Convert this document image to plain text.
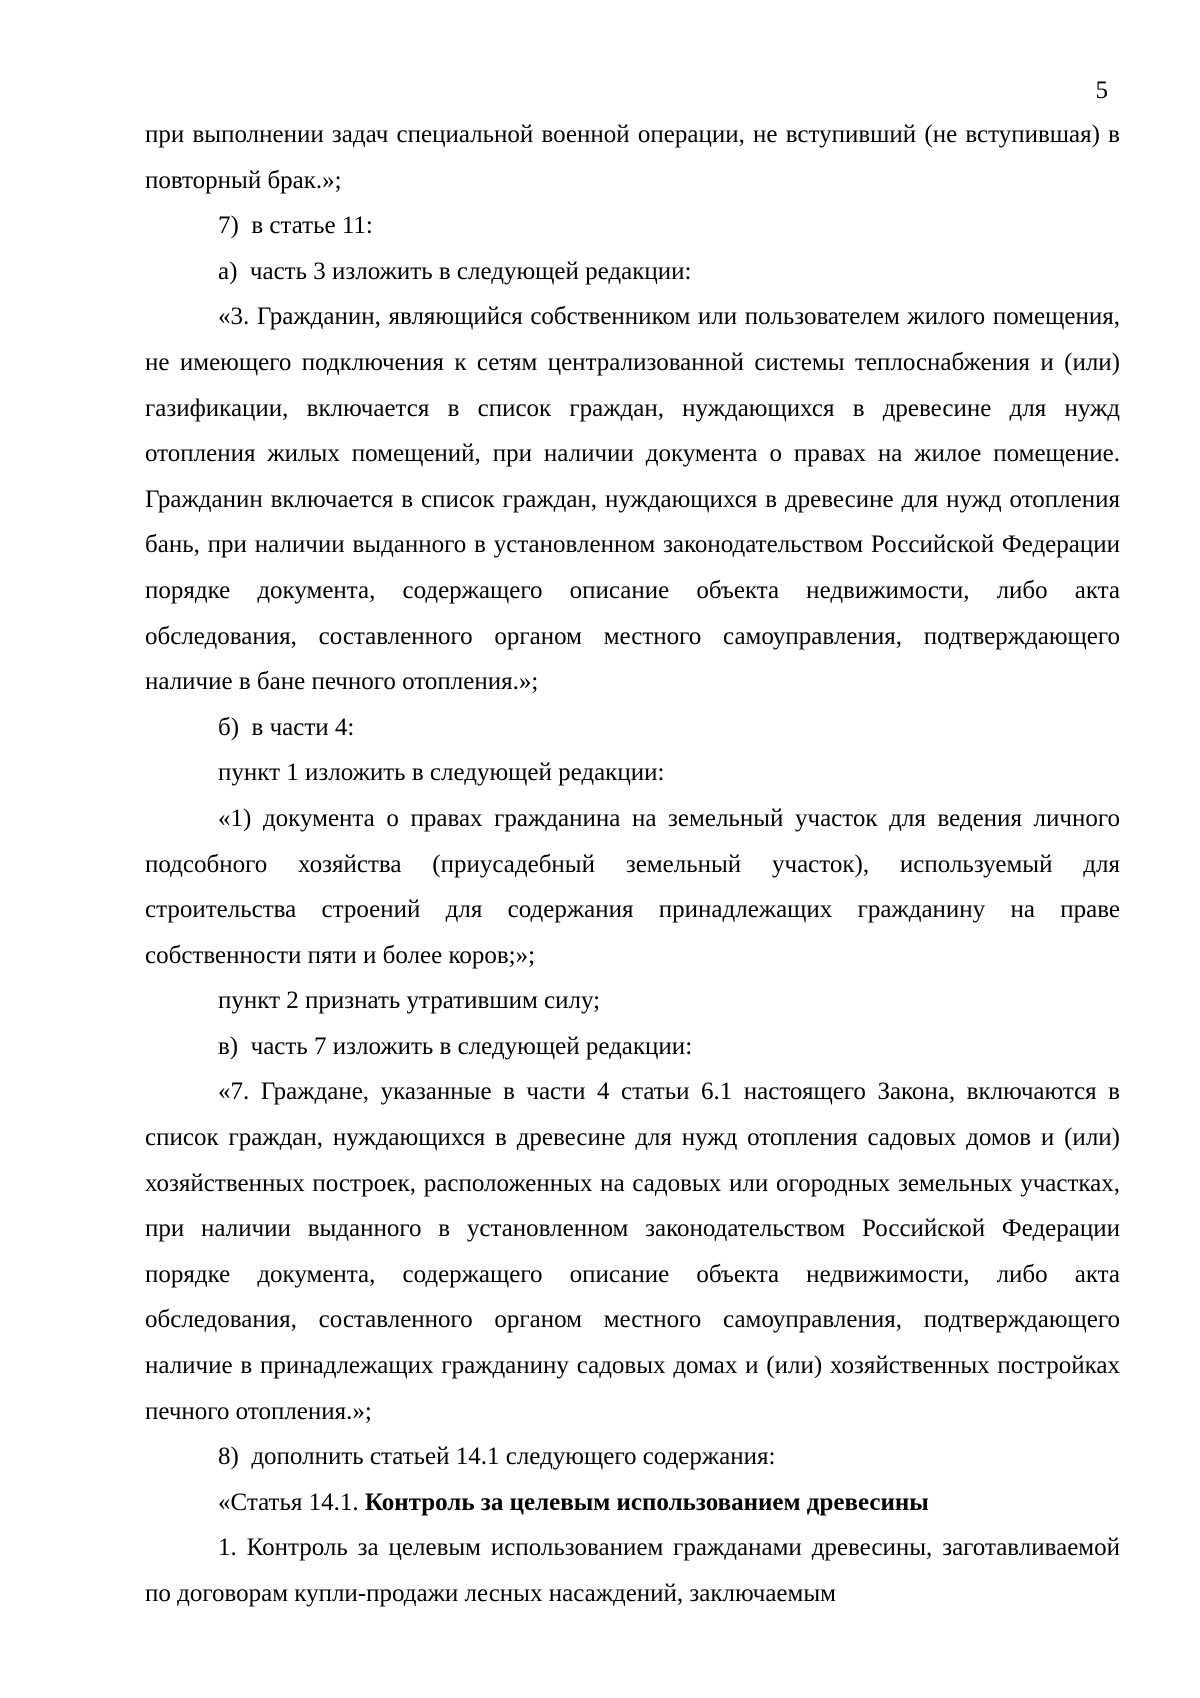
5

при выполнении задач специальной военной операции, не вступивший (не вступившая) в повторный брак.»;

7)  в статье 11:

а)  часть 3 изложить в следующей редакции:

«3. Гражданин, являющийся собственником или пользователем жилого помещения, не имеющего подключения к сетям централизованной системы теплоснабжения и (или) газификации, включается в список граждан, нуждающихся в древесине для нужд отопления жилых помещений, при наличии документа о правах на жилое помещение. Гражданин включается в список граждан, нуждающихся в древесине для нужд отопления бань, при наличии выданного в установленном законодательством Российской Федерации порядке документа, содержащего описание объекта недвижимости, либо акта обследования, составленного органом местного самоуправления, подтверждающего наличие в бане печного отопления.»;

б)  в части 4:

пункт 1 изложить в следующей редакции:

«1) документа о правах гражданина на земельный участок для ведения личного подсобного хозяйства (приусадебный земельный участок), используемый для строительства строений для содержания принадлежащих гражданину на праве собственности пяти и более коров;»;

пункт 2 признать утратившим силу;

в)  часть 7 изложить в следующей редакции:

«7. Граждане, указанные в части 4 статьи 6.1 настоящего Закона, включаются в список граждан, нуждающихся в древесине для нужд отопления садовых домов и (или) хозяйственных построек, расположенных на садовых или огородных земельных участках, при наличии выданного в установленном законодательством Российской Федерации порядке документа, содержащего описание объекта недвижимости, либо акта обследования, составленного органом местного самоуправления, подтверждающего наличие в принадлежащих гражданину садовых домах и (или) хозяйственных постройках печного отопления.»;

8)  дополнить статьей 14.1 следующего содержания:

«Статья 14.1. Контроль за целевым использованием древесины

1. Контроль за целевым использованием гражданами древесины, заготавливаемой по договорам купли-продажи лесных насаждений, заключаемым
